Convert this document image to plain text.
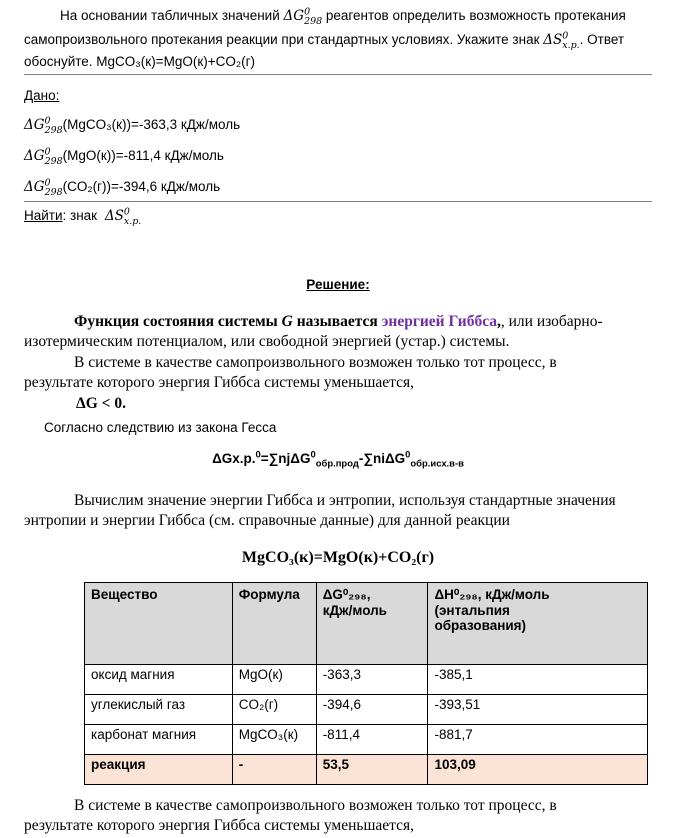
На основании табличных значений $\Delta G^0_{298}$ реагентов определить возможность протекания
самопроизвольного протекания реакции при стандартных условиях. Укажите знак $\Delta S^0_{х.р.}$. Ответ
обоснуйте. MgCO₃(к)=MgO(к)+CO₂(г)
Дано:
$\Delta G^0_{298}(MgCO_3(к))=-363,3$ кДж/моль
$\Delta G^0_{298}(MgO(к))=-811,4$ кДж/моль
$\Delta G^0_{298}(CO_2(г))=-394,6$ кДж/моль
Найти: знак $\Delta S^0_{х.р.}$
Решение:
Функция состояния системы G называется энергией Гиббса,, или изобарно-
изотермическим потенциалом, или свободной энергией (устар.) системы.
В системе в качестве самопроизвольного возможен только тот процесс, в
результате которого энергия Гиббса системы уменьшается,
ΔG < 0.
Согласно следствию из закона Гесса
ΔGх.р.$^0$=∑njΔG$^0_{обр.прод}$-∑niΔG$^0_{обр.исх.в-в}$
Вычислим значение энергии Гиббса и энтропии, используя стандартные значения
энтропии и энергии Гиббса (см. справочные данные) для данной реакции
MgCO₃(к)=MgO(к)+CO₂(г)
Вещество	Формула	ΔG⁰₂₉₈,
кДж/моль	ΔH⁰₂₉₈, кДж/моль
(энтальпия
образования)
оксид магния	MgO(к)	-363,3	-385,1
углекислый газ	CO₂(г)	-394,6	-393,51
карбонат магния	MgCO₃(к)	-811,4	-881,7
реакция	-	53,5	103,09
В системе в качестве самопроизвольного возможен только тот процесс, в
результате которого энергия Гиббса системы уменьшается,
